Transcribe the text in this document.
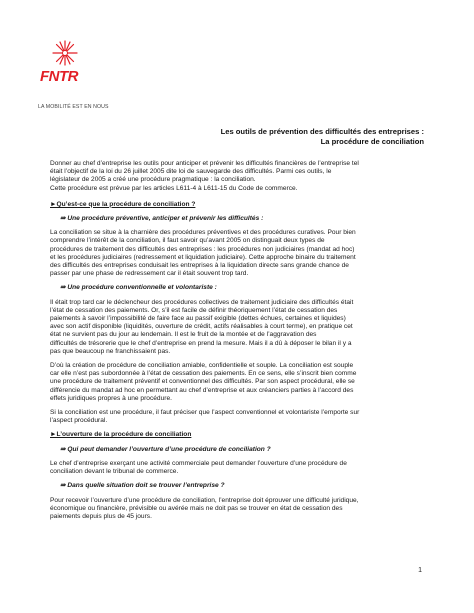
FNTR
LA MOBILITÉ EST EN NOUS
Les outils de prévention des difficultés des entreprises :
La procédure de conciliation
Donner au chef d’entreprise les outils pour anticiper et prévenir les difficultés financières de l’entreprise tel
était l’objectif de la loi du 26 juillet 2005 dite loi de sauvegarde des difficultés. Parmi ces outils, le
législateur de 2005 a créé une procédure pragmatique : la conciliation.
Cette procédure est prévue par les articles L611-4 à L611-15 du Code de commerce.
►Qu’est-ce que la procédure de conciliation ?
⇛ Une procédure préventive, anticiper et prévenir les difficultés :
La conciliation se situe à la charnière des procédures préventives et des procédures curatives. Pour bien
comprendre l’intérêt de la conciliation, il faut savoir qu’avant 2005 on distinguait deux types de
procédures de traitement des difficultés des entreprises : les procédures non judiciaires (mandat ad hoc)
et les procédures judiciaires (redressement et liquidation judiciaire). Cette approche binaire du traitement
des difficultés des entreprises conduisait les entreprises à la liquidation directe sans grande chance de
passer par une phase de redressement car il était souvent trop tard.
⇛ Une procédure conventionnelle et volontariste :
Il était trop tard car le déclencheur des procédures collectives de traitement judiciaire des difficultés était
l’état de cessation des paiements. Or, s’il est facile de définir théoriquement l’état de cessation des
paiements à savoir l’impossibilité de faire face au passif exigible (dettes échues, certaines et liquides)
avec son actif disponible (liquidités, ouverture de crédit, actifs réalisables à court terme), en pratique cet
état ne survient pas du jour au lendemain. Il est le fruit de la montée et de l’aggravation des
difficultés de trésorerie que le chef d’entreprise en prend la mesure. Mais il a dû à déposer le bilan il y a
pas que beaucoup ne franchissaient pas.
D’où la création de procédure de conciliation amiable, confidentielle et souple. La conciliation est souple
car elle n’est pas subordonnée à l’état de cessation des paiements. En ce sens, elle s’inscrit bien comme
une procédure de traitement préventif et conventionnel des difficultés. Par son aspect procédural, elle se
différencie du mandat ad hoc en permettant au chef d’entreprise et aux créanciers parties à l’accord des
effets juridiques propres à une procédure.
Si la conciliation est une procédure, il faut préciser que l’aspect conventionnel et volontariste l’emporte sur
l’aspect procédural.
►L’ouverture de la procédure de conciliation
⇛ Qui peut demander l’ouverture d’une procédure de conciliation ?
Le chef d’entreprise exerçant une activité commerciale peut demander l’ouverture d’une procédure de
conciliation devant le tribunal de commerce.
⇛ Dans quelle situation doit se trouver l’entreprise ?
Pour recevoir l’ouverture d’une procédure de conciliation, l’entreprise doit éprouver une difficulté juridique,
économique ou financière, prévisible ou avérée mais ne doit pas se trouver en état de cessation des
paiements depuis plus de 45 jours.
1
